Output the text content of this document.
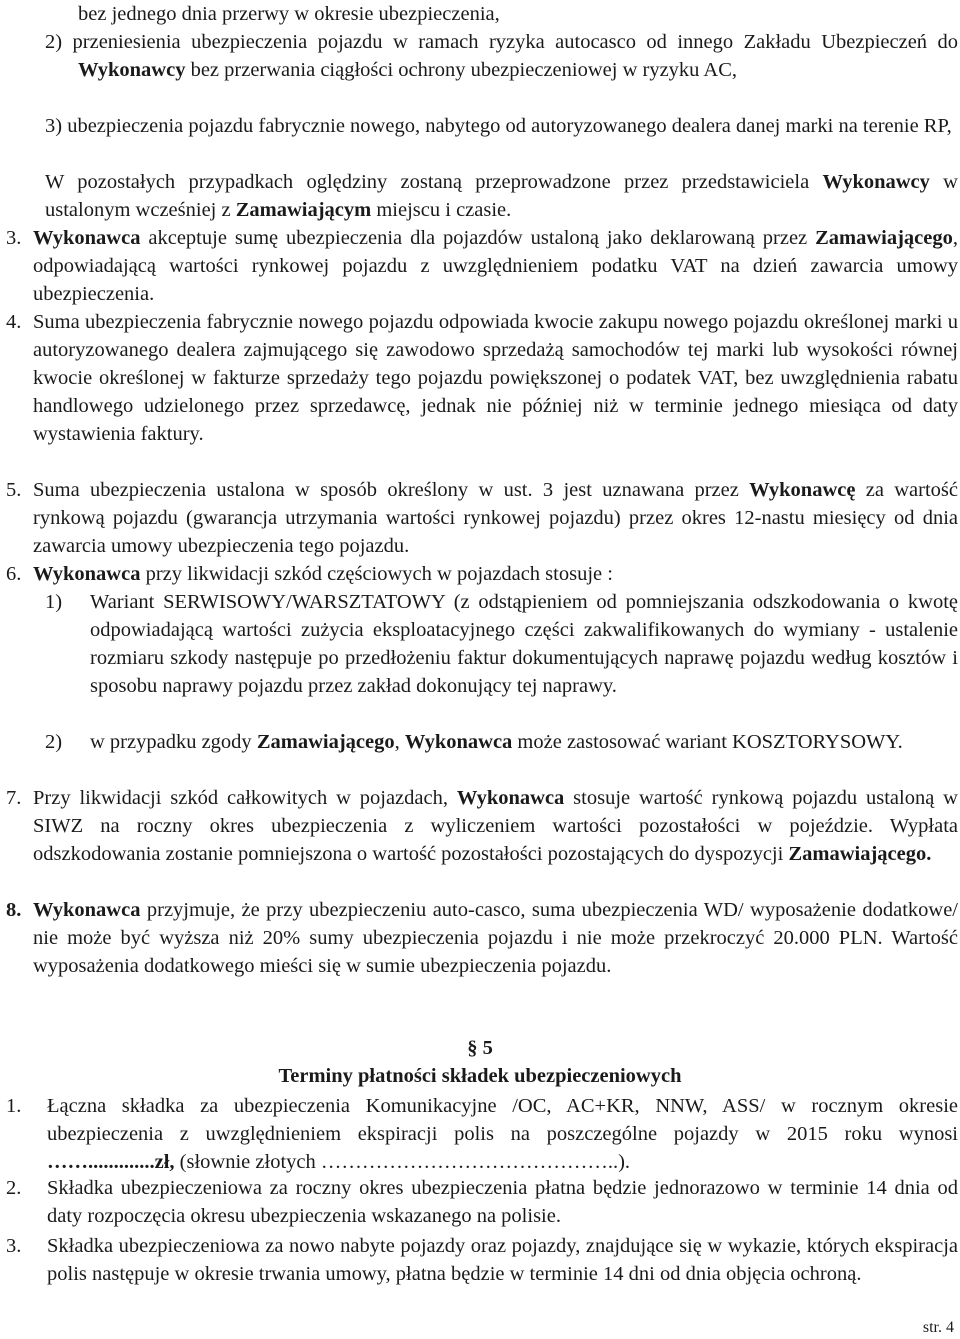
bez jednego dnia przerwy w okresie ubezpieczenia,
2) przeniesienia ubezpieczenia pojazdu w ramach ryzyka autocasco od innego Zakładu Ubezpieczeń do Wykonawcy bez przerwania ciągłości ochrony ubezpieczeniowej w ryzyku AC,
3) ubezpieczenia pojazdu fabrycznie nowego, nabytego od autoryzowanego dealera danej marki na terenie RP,
W pozostałych przypadkach oględziny zostaną przeprowadzone przez przedstawiciela Wykonawcy w ustalonym wcześniej z Zamawiającym miejscu i czasie.
3. Wykonawca akceptuje sumę ubezpieczenia dla pojazdów ustaloną jako deklarowaną przez Zamawiającego, odpowiadającą wartości rynkowej pojazdu z uwzględnieniem podatku VAT na dzień zawarcia umowy ubezpieczenia.
4. Suma ubezpieczenia fabrycznie nowego pojazdu odpowiada kwocie zakupu nowego pojazdu określonej marki u autoryzowanego dealera zajmującego się zawodowo sprzedażą samochodów tej marki lub wysokości równej kwocie określonej w fakturze sprzedaży tego pojazdu powiększonej o podatek VAT, bez uwzględnienia rabatu handlowego udzielonego przez sprzedawcę, jednak nie później niż w terminie jednego miesiąca od daty wystawienia faktury.
5. Suma ubezpieczenia ustalona w sposób określony w ust. 3 jest uznawana przez Wykonawcę za wartość rynkową pojazdu (gwarancja utrzymania wartości rynkowej pojazdu) przez okres 12-nastu miesięcy od dnia zawarcia umowy ubezpieczenia tego pojazdu.
6. Wykonawca przy likwidacji szkód częściowych w pojazdach stosuje :
1) Wariant SERWISOWY/WARSZTATOWY (z odstąpieniem od pomniejszania odszkodowania o kwotę odpowiadającą wartości zużycia eksploatacyjnego części zakwalifikowanych do wymiany - ustalenie rozmiaru szkody następuje po przedłożeniu faktur dokumentujących naprawę pojazdu według kosztów i sposobu naprawy pojazdu przez zakład dokonujący tej naprawy.
2) w przypadku zgody Zamawiającego, Wykonawca może zastosować wariant KOSZTORYSOWY.
7. Przy likwidacji szkód całkowitych w pojazdach, Wykonawca stosuje wartość rynkową pojazdu ustaloną w SIWZ na roczny okres ubezpieczenia z wyliczeniem wartości pozostałości w pojeździe. Wypłata odszkodowania zostanie pomniejszona o wartość pozostałości pozostających do dyspozycji Zamawiającego.
8. Wykonawca przyjmuje, że przy ubezpieczeniu auto-casco, suma ubezpieczenia WD/ wyposażenie dodatkowe/ nie może być wyższa niż 20% sumy ubezpieczenia pojazdu i nie może przekroczyć 20.000 PLN. Wartość wyposażenia dodatkowego mieści się w sumie ubezpieczenia pojazdu.
§ 5
Terminy płatności składek ubezpieczeniowych
1. Łączna składka za ubezpieczenia Komunikacyjne /OC, AC+KR, NNW, ASS/ w rocznym okresie ubezpieczenia z uwzględnieniem ekspiracji polis na poszczególne pojazdy w 2015 roku wynosi …….............zł, (słownie złotych ……………………………………..).
2. Składka ubezpieczeniowa za roczny okres ubezpieczenia płatna będzie jednorazowo w terminie 14 dnia od daty rozpoczęcia okresu ubezpieczenia wskazanego na polisie.
3. Składka ubezpieczeniowa za nowo nabyte pojazdy oraz pojazdy, znajdujące się w wykazie, których ekspiracja polis następuje w okresie trwania umowy, płatna będzie w terminie 14 dni od dnia objęcia ochroną.
str. 4
